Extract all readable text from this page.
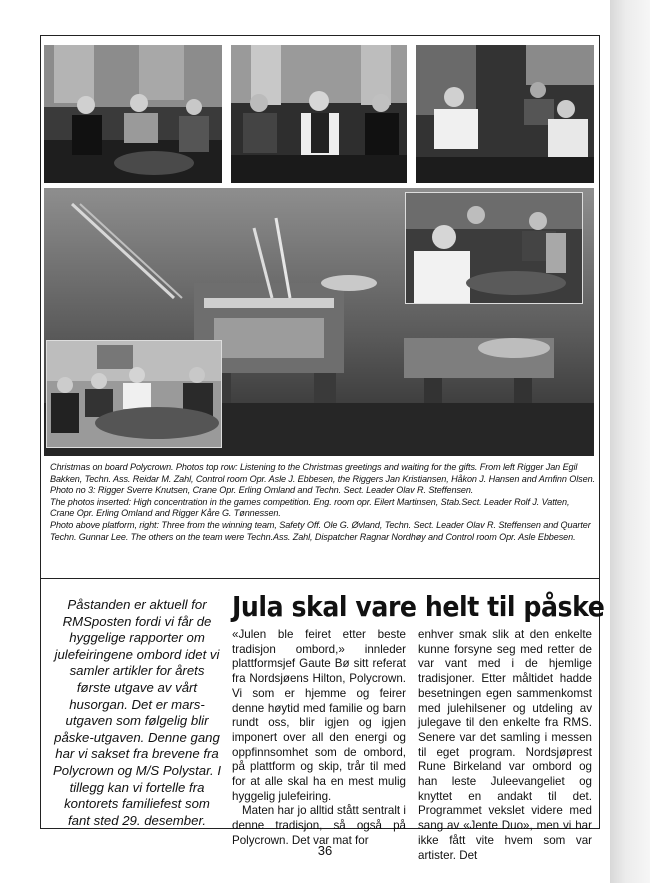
Christmas on board Polycrown. Photos top row: Listening to the Christmas greetings and waiting for the gifts. From left Rigger Jan Egil Bakken, Techn. Ass. Reidar M. Zahl, Control room Opr. Asle J. Ebbesen, the Riggers Jan Kristiansen, Håkon J. Hansen and Arnfinn Olsen. Photo no 3: Rigger Sverre Knutsen, Crane Opr. Erling Omland and Techn. Sect. Leader Olav R. Steffensen.

The photos inserted: High concentration in the games competition. Eng. room opr. Eilert Martinsen, Stab.Sect. Leader Rolf J. Vatten, Crane Opr. Erling Omland and Rigger Kåre G. Tønnessen.

Photo above platform, right: Three from the winning team, Safety Off. Ole G. Øvland, Techn. Sect. Leader Olav R. Steffensen and Quarter Techn. Gunnar Lee. The others on the team were Techn.Ass. Zahl, Dispatcher Ragnar Nordhøy and Control room Opr. Asle Ebbesen.

Påstanden er aktuell for RMSposten fordi vi får de hyggelige rapporter om julefeiringene ombord idet vi samler artikler for årets første utgave av vårt husorgan. Det er mars-utgaven som følgelig blir påske-utgaven. Denne gang har vi sakset fra brevene fra Polycrown og M/S Polystar. I tillegg kan vi fortelle fra kontorets familiefest som fant sted 29. desember.
Jula skal vare helt til påske

«Julen ble feiret etter beste tradisjon ombord,» innleder plattformsjef Gaute Bø sitt referat fra Nordsjøens Hilton, Polycrown. Vi som er hjemme og feirer denne høytid med familie og barn rundt oss, blir igjen og igjen imponert over all den energi og oppfinnsomhet som de ombord, på plattform og skip, trår til med for at alle skal ha en mest mulig hyggelig julefeiring.

Maten har jo alltid stått sentralt i denne tradisjon, så også på Polycrown. Det var mat for

enhver smak slik at den enkelte kunne forsyne seg med retter de var vant med i de hjemlige tradisjoner. Etter måltidet hadde besetningen egen sammenkomst med julehilsener og utdeling av julegave til den enkelte fra RMS. Senere var det samling i messen til eget program. Nordsjøprest Rune Birkeland var ombord og han leste Juleevangeliet og knyttet en andakt til det. Programmet vekslet videre med sang av «Jente Duo», men vi har ikke fått vite hvem som var artister. Det

36
